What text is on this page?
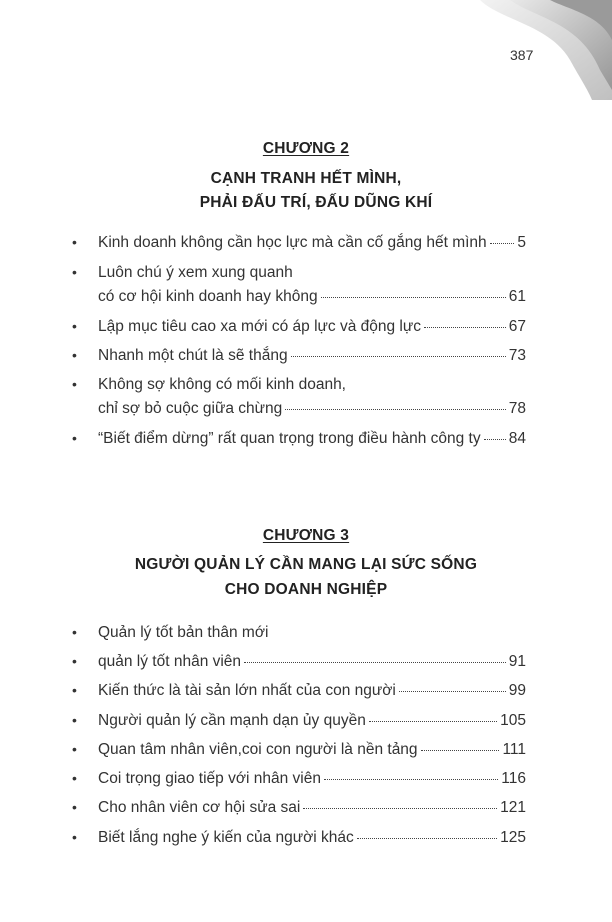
387
CHƯƠNG 2
CẠNH TRANH HẾT MÌNH,
PHẢI ĐẤU TRÍ, ĐẤU DŨNG KHÍ
•	Kinh doanh không cần học lực mà cần cố gắng hết mình 5
•	Luôn chú ý xem xung quanh
có cơ hội kinh doanh hay không	61
•	Lập mục tiêu cao xa mới có áp lực và động lực	67
•	Nhanh một chút là sẽ thắng	73
•	Không sợ không có mối kinh doanh,
chỉ sợ bỏ cuộc giữa chừng	78
•	“Biết điểm dừng” rất quan trọng trong điều hành công ty 84
CHƯƠNG 3
NGƯỜI QUẢN LÝ CẦN MANG LẠI SỨC SỐNG
CHO DOANH NGHIỆP
•	Quản lý tốt bản thân mới
•	quản lý tốt nhân viên	91
•	Kiến thức là tài sản lớn nhất của con người	99
•	Người quản lý cần mạnh dạn ủy quyền	105
•	Quan tâm nhân viên,coi con người là nền tảng	111
•	Coi trọng giao tiếp với nhân viên	116
•	Cho nhân viên cơ hội sửa sai	121
•	Biết lắng nghe ý kiến của người khác	125
